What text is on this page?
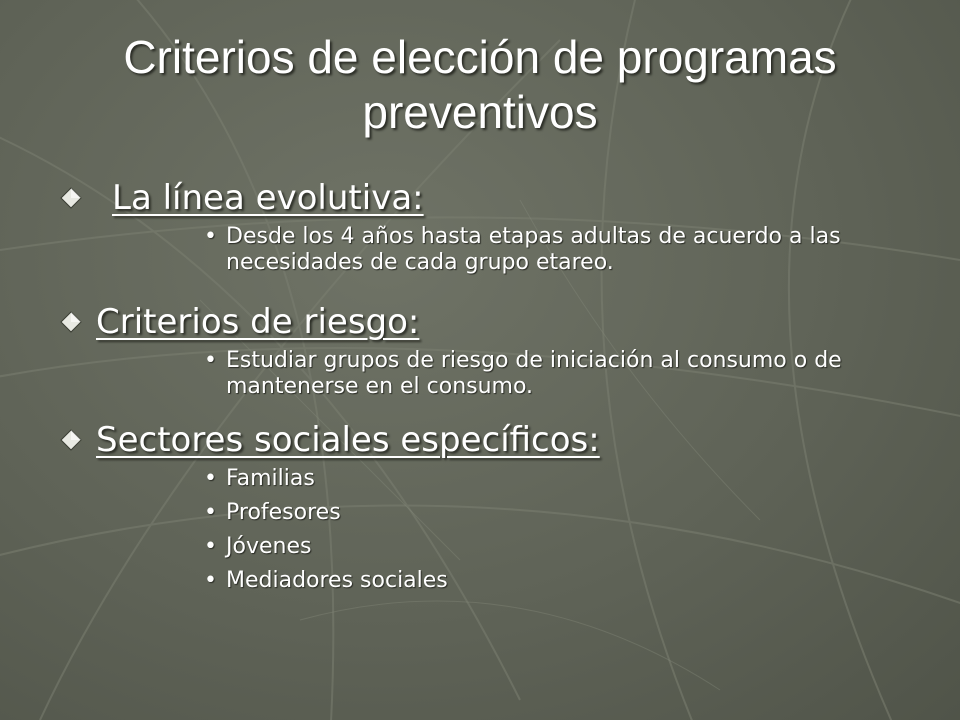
Criterios de elección de programas preventivos
La línea evolutiva:
• Desde los 4 años hasta etapas adultas de acuerdo a las necesidades de cada grupo etareo.
Criterios de riesgo:
• Estudiar grupos de riesgo de iniciación al consumo o de mantenerse en el consumo.
Sectores sociales específicos:
• Familias
• Profesores
• Jóvenes
• Mediadores sociales
